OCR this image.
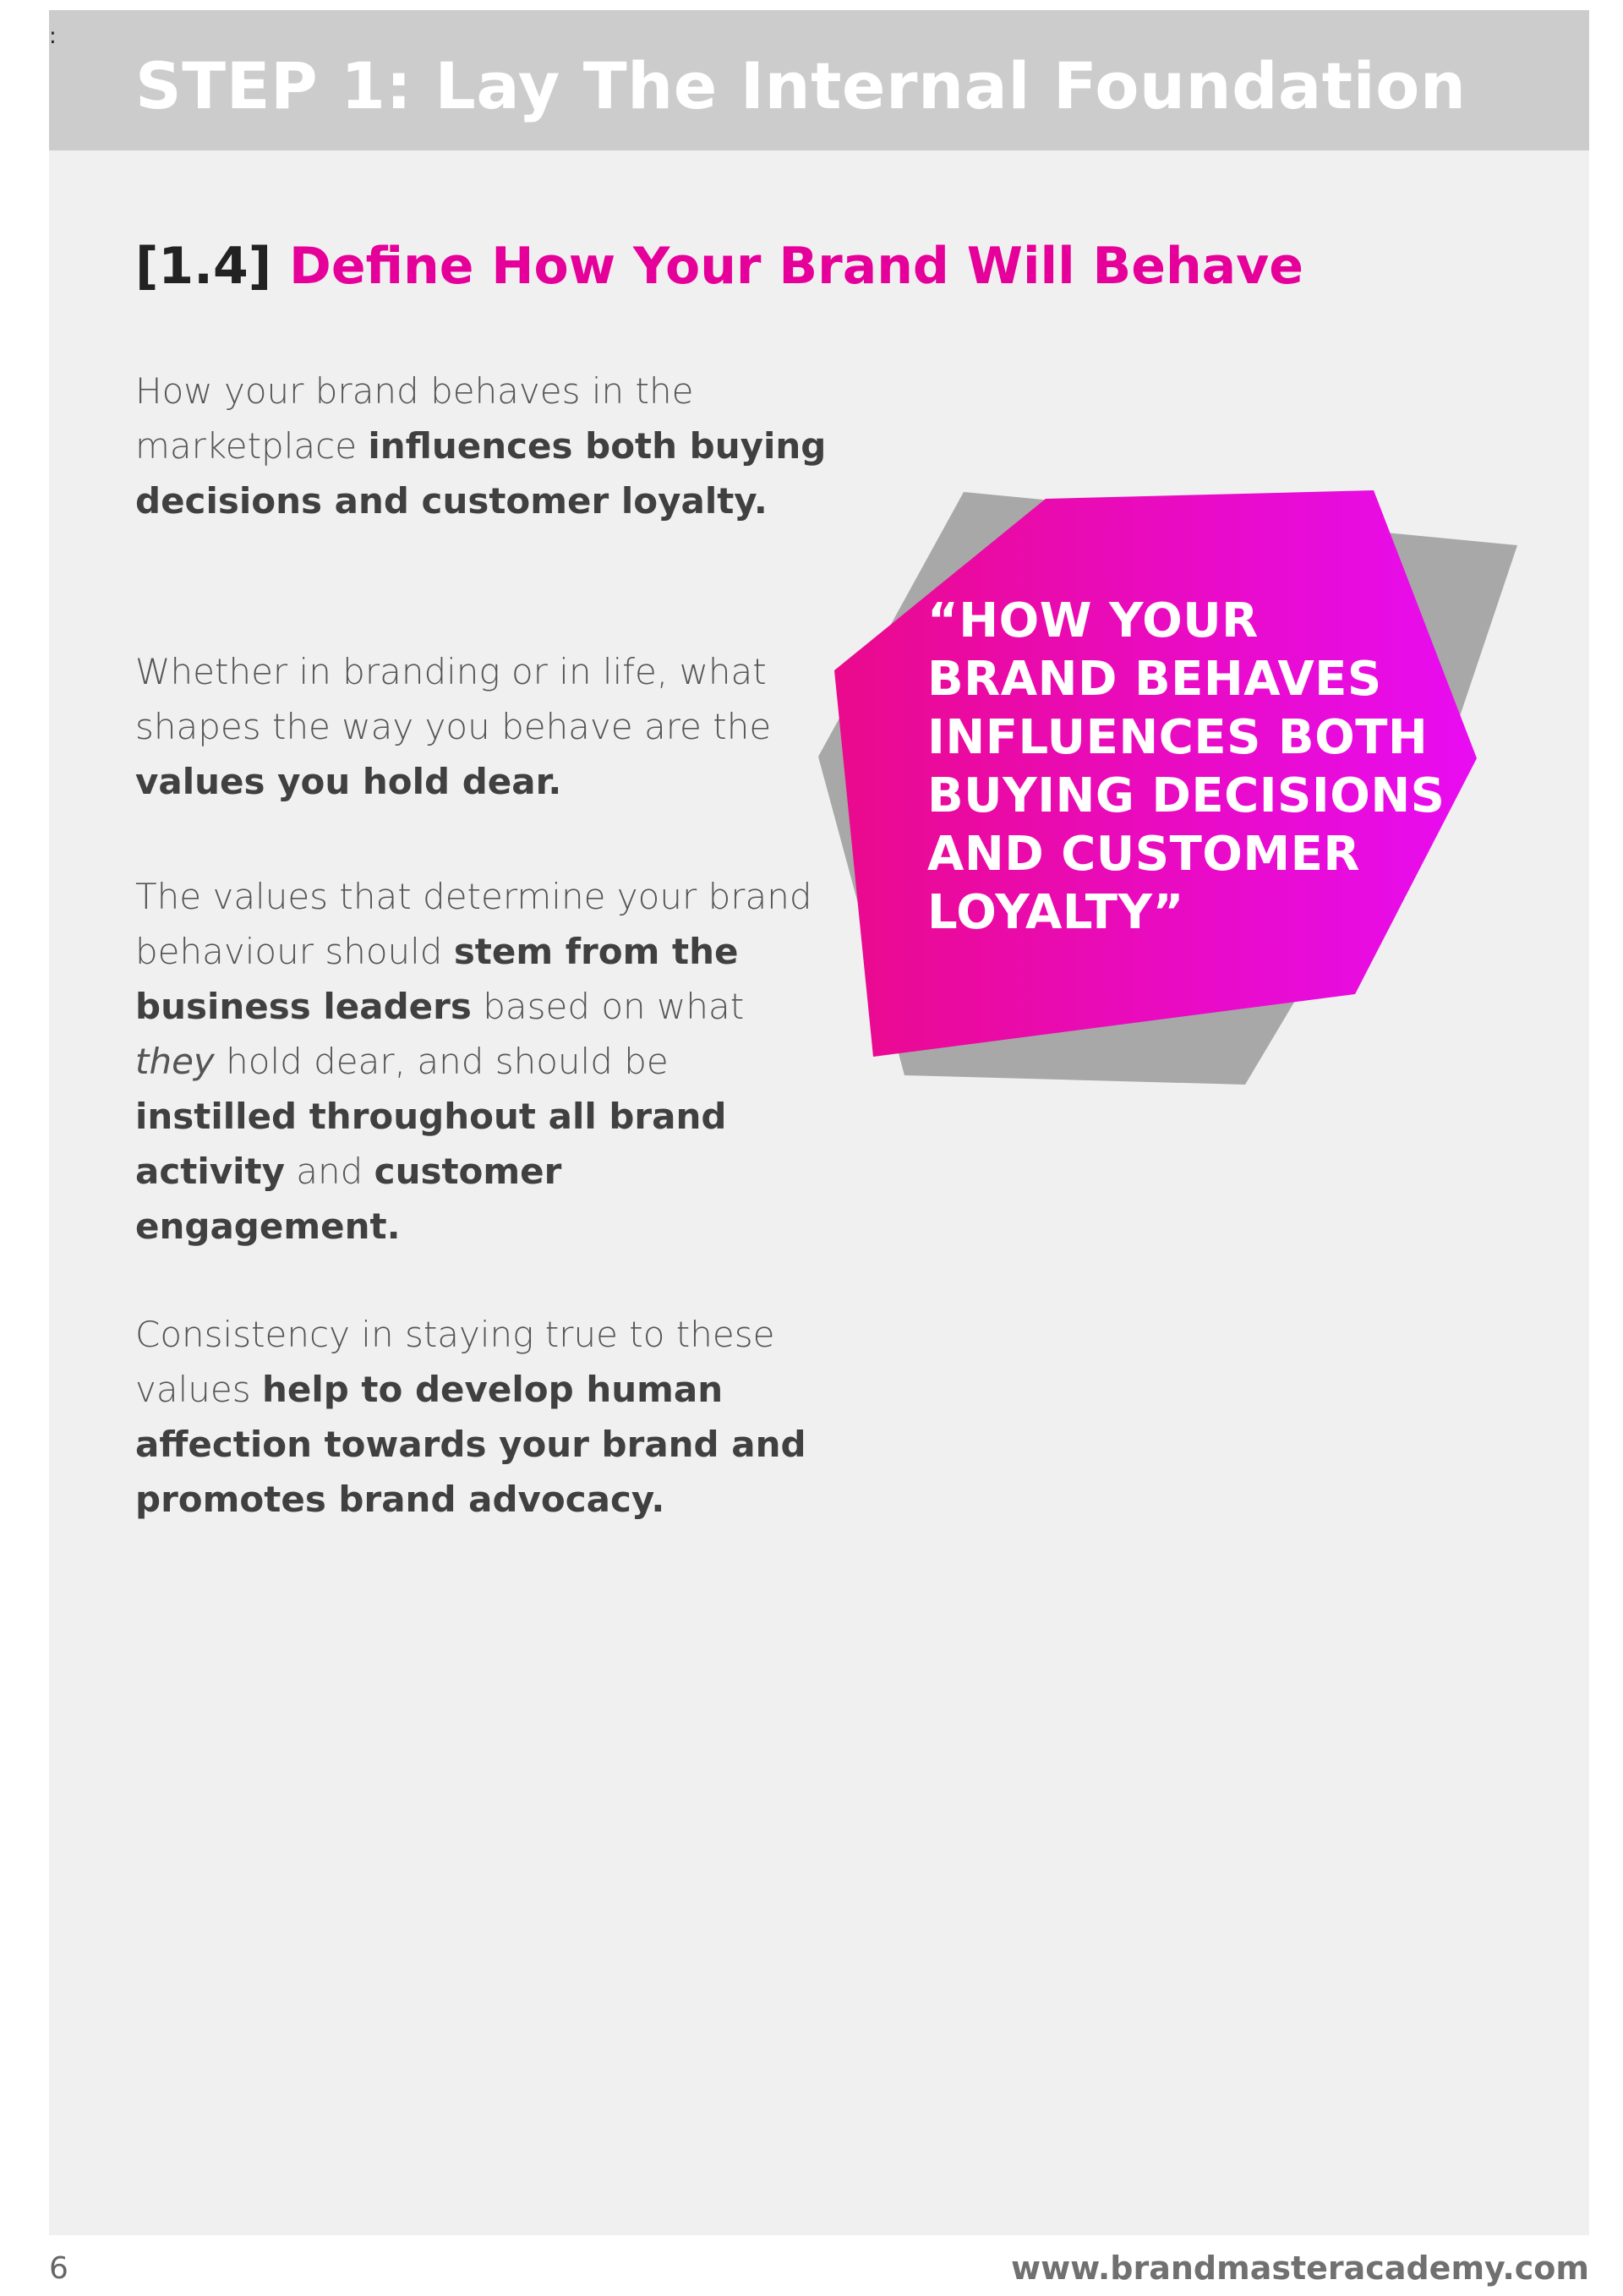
:
STEP 1: Lay The Internal Foundation
[1.4] Define How Your Brand Will Behave

How your brand behaves in the marketplace influences both buying decisions and customer loyalty.

Whether in branding or in life, what shapes the way you behave are the values you hold dear.

The values that determine your brand behaviour should stem from the business leaders based on what they hold dear, and should be instilled throughout all brand activity and customer engagement.

Consistency in staying true to these values help to develop human affection towards your brand and promotes brand advocacy.

“HOW YOUR BRAND BEHAVES INFLUENCES BOTH BUYING DECISIONS AND CUSTOMER LOYALTY”

6	www.brandmasteracademy.com
